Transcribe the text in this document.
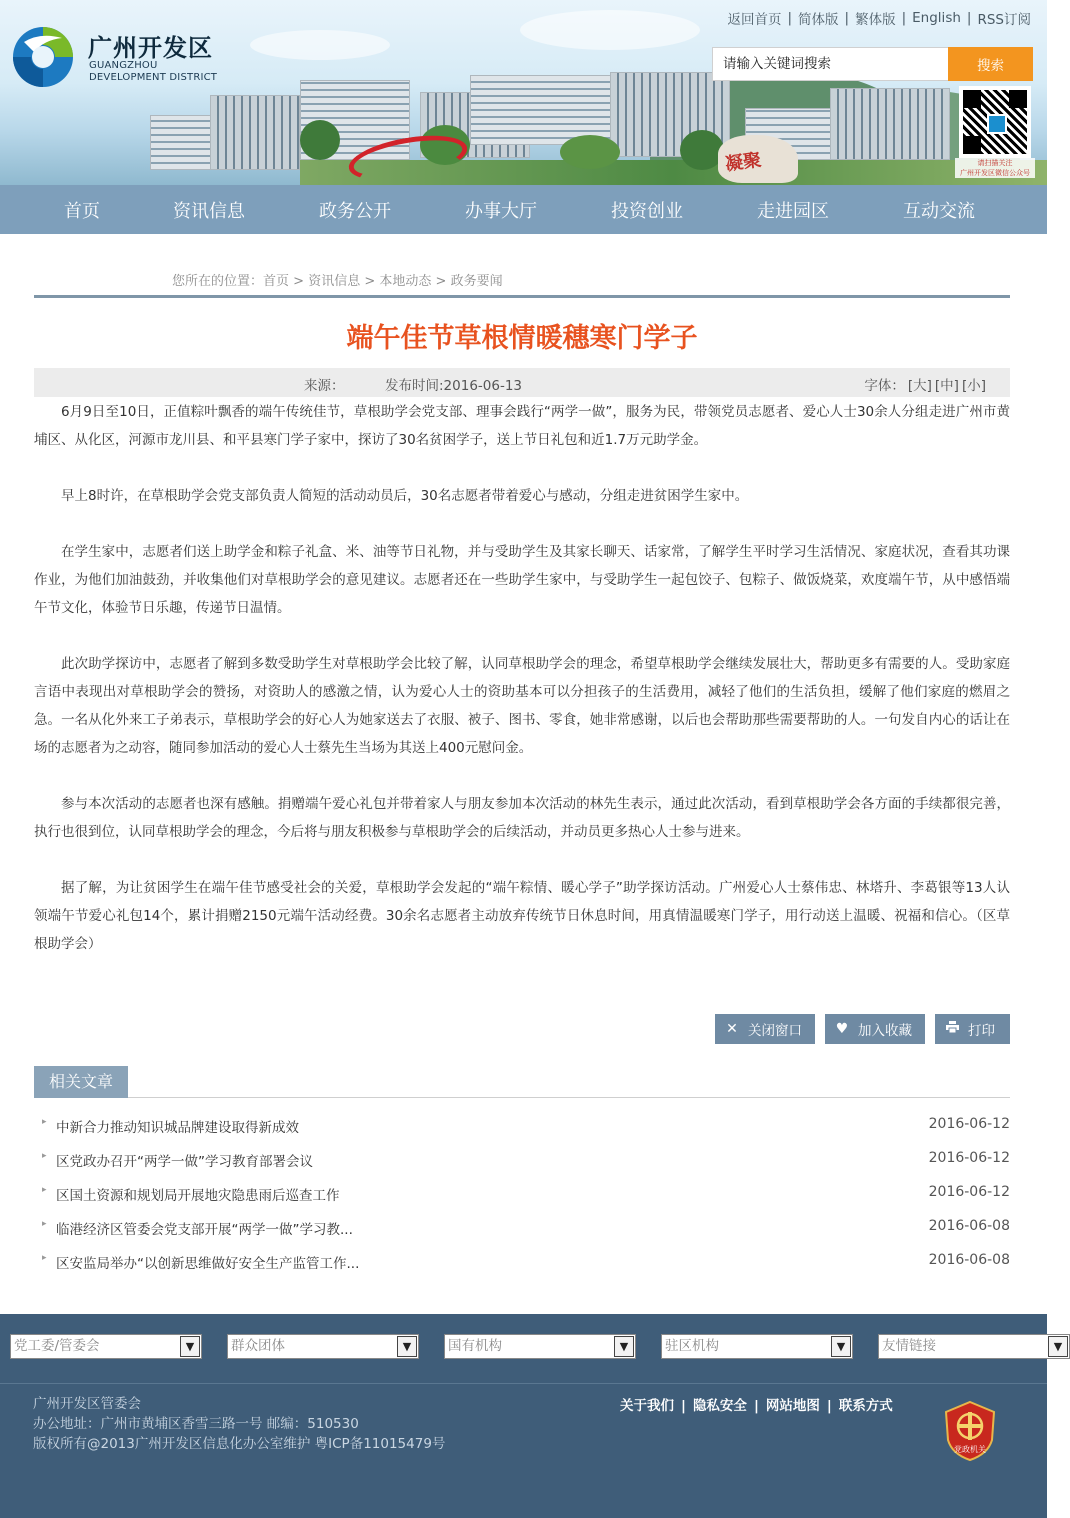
凝聚
广州开发区
GUANGZHOU
DEVELOPMENT DISTRICT
返回首页 | 简体版 | 繁体版 | English | RSS订阅
请输入关键词搜索
搜索
请扫描关注
广州开发区微信公众号
首页	资讯信息	政务公开	办事大厅	投资创业	走进园区	互动交流
您所在的位置：首页 > 资讯信息 > 本地动态 > 政务要闻
端午佳节草根情暖穗寒门学子
来源：	发布时间:2016-06-13	字体： [大] [中] [小]

6月9日至10日，正值粽叶飘香的端午传统佳节，草根助学会党支部、理事会践行“两学一做”，服务为民，带领党员志愿者、爱心人士30余人分组走进广州市黄埔区、从化区，河源市龙川县、和平县寒门学子家中，探访了30名贫困学子，送上节日礼包和近1.7万元助学金。

早上8时许，在草根助学会党支部负责人简短的活动动员后，30名志愿者带着爱心与感动，分组走进贫困学生家中。

在学生家中，志愿者们送上助学金和粽子礼盒、米、油等节日礼物，并与受助学生及其家长聊天、话家常，了解学生平时学习生活情况、家庭状况，查看其功课作业，为他们加油鼓劲，并收集他们对草根助学会的意见建议。志愿者还在一些助学生家中，与受助学生一起包饺子、包粽子、做饭烧菜，欢度端午节，从中感悟端午节文化，体验节日乐趣，传递节日温情。

此次助学探访中，志愿者了解到多数受助学生对草根助学会比较了解，认同草根助学会的理念，希望草根助学会继续发展壮大，帮助更多有需要的人。受助家庭言语中表现出对草根助学会的赞扬，对资助人的感激之情，认为爱心人士的资助基本可以分担孩子的生活费用，减轻了他们的生活负担，缓解了他们家庭的燃眉之急。一名从化外来工子弟表示，草根助学会的好心人为她家送去了衣服、被子、图书、零食，她非常感谢，以后也会帮助那些需要帮助的人。一句发自内心的话让在场的志愿者为之动容，随同参加活动的爱心人士蔡先生当场为其送上400元慰问金。

参与本次活动的志愿者也深有感触。捐赠端午爱心礼包并带着家人与朋友参加本次活动的林先生表示，通过此次活动，看到草根助学会各方面的手续都很完善，执行也很到位，认同草根助学会的理念，今后将与朋友积极参与草根助学会的后续活动，并动员更多热心人士参与进来。

据了解，为让贫困学生在端午佳节感受社会的关爱，草根助学会发起的“端午粽情、暖心学子”助学探访活动。广州爱心人士蔡伟忠、林塔升、李葛银等13人认领端午节爱心礼包14个，累计捐赠2150元端午活动经费。30余名志愿者主动放弃传统节日休息时间，用真情温暖寒门学子，用行动送上温暖、祝福和信心。（区草根助学会）

✕ 关闭窗口 ♥ 加入收藏	打印
相关文章
▸ 中新合力推动知识城品牌建设取得新成效	2016-06-12
▸ 区党政办召开“两学一做”学习教育部署会议	2016-06-12
▸ 区国土资源和规划局开展地灾隐患雨后巡查工作	2016-06-12
▸ 临港经济区管委会党支部开展“两学一做”学习教...	2016-06-08
▸ 区安监局举办“以创新思维做好安全生产监管工作...	2016-06-08
党工委/管委会	▼	群众团体	▼	国有机构	▼	驻区机构	▼	友情链接	▼
广州开发区管委会
办公地址：广州市黄埔区香雪三路一号 邮编：510530
版权所有@2013广州开发区信息化办公室维护 粤ICP备11015479号
关于我们 | 隐私安全 | 网站地图 | 联系方式
党政机关
